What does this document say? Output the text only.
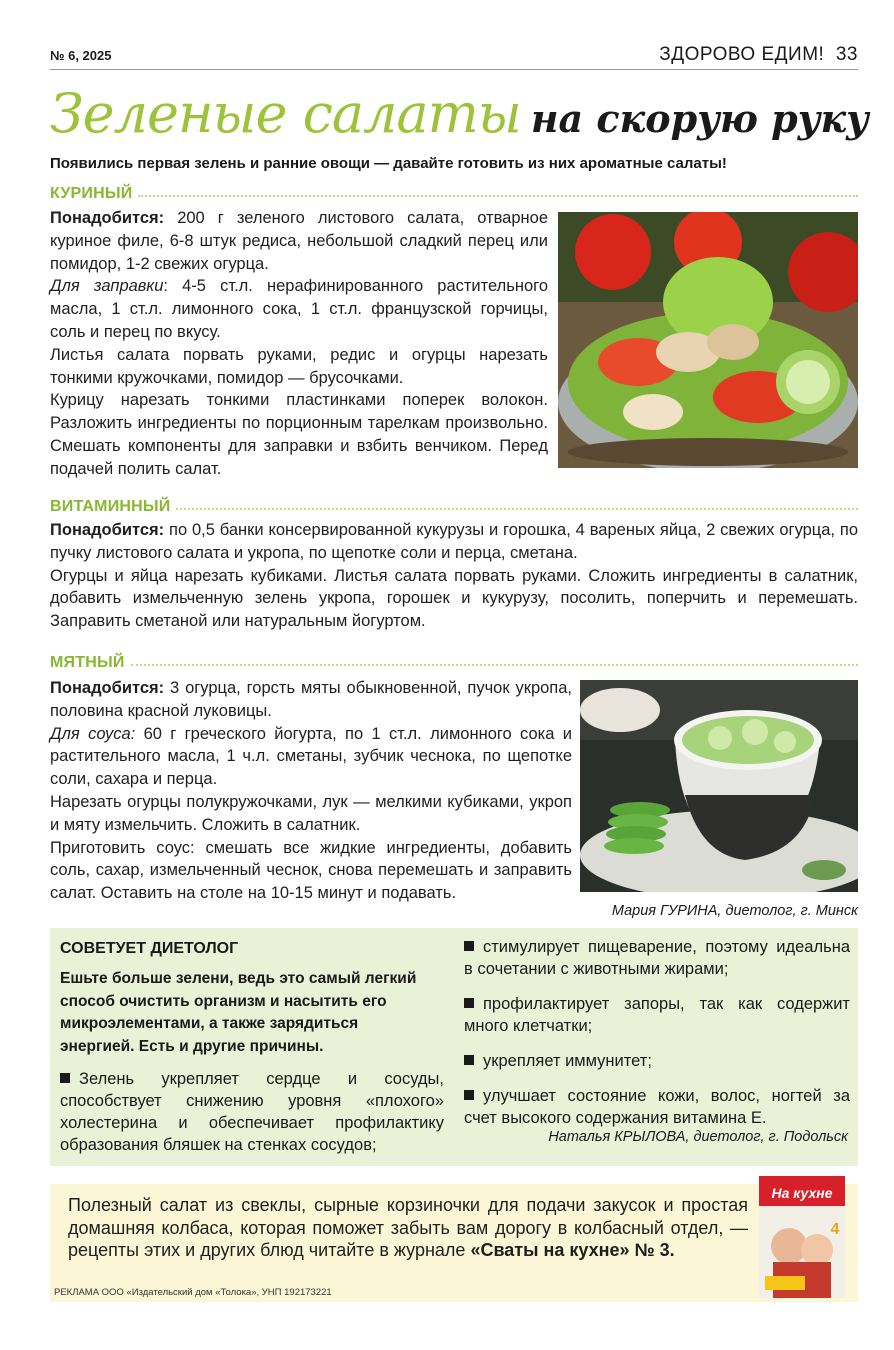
№ 6, 2025	ЗДОРОВО ЕДИМ! 33
Зеленые салаты на скорую руку
Появились первая зелень и ранние овощи — давайте готовить из них ароматные салаты!
КУРИНЫЙ

Понадобится: 200 г зеленого листового салата, отварное куриное филе, 6-8 штук редиса, небольшой сладкий перец или помидор, 1-2 свежих огурца.

Для заправки: 4-5 ст.л. нерафинированного растительного масла, 1 ст.л. лимонного сока, 1 ст.л. французской горчицы, соль и перец по вкусу.

Листья салата порвать руками, редис и огурцы нарезать тонкими кружочками, помидор — брусочками.

Курицу нарезать тонкими пластинками поперек волокон. Разложить ингредиенты по порционным тарелкам произвольно. Смешать компоненты для заправки и взбить венчиком. Перед подачей полить салат.

ВИТАМИННЫЙ

Понадобится: по 0,5 банки консервированной кукурузы и горошка, 4 вареных яйца, 2 свежих огурца, по пучку листового салата и укропа, по щепотке соли и перца, сметана.

Огурцы и яйца нарезать кубиками. Листья салата порвать руками. Сложить ингредиенты в салатник, добавить измельченную зелень укропа, горошек и кукурузу, посолить, поперчить и перемешать. Заправить сметаной или натуральным йогуртом.

МЯТНЫЙ

Понадобится: 3 огурца, горсть мяты обыкновенной, пучок укропа, половина красной луковицы.

Для соуса: 60 г греческого йогурта, по 1 ст.л. лимонного сока и растительного масла, 1 ч.л. сметаны, зубчик чеснока, по щепотке соли, сахара и перца.

Нарезать огурцы полукружочками, лук — мелкими кубиками, укроп и мяту измельчить. Сложить в салатник.

Приготовить соус: смешать все жидкие ингредиенты, добавить соль, сахар, измельченный чеснок, снова перемешать и заправить салат. Оставить на столе на 10-15 минут и подавать.

Мария ГУРИНА, диетолог, г. Минск
СОВЕТУЕТ ДИЕТОЛОГ
Ешьте больше зелени, ведь это самый легкий способ очистить организм и насытить его микроэлементами, а также зарядиться энергией. Есть и другие причины.
Зелень укрепляет сердце и сосуды, способствует снижению уровня «плохого» холестерина и обеспечивает профилактику образования бляшек на стенках сосудов;
стимулирует пищеварение, поэтому идеальна в сочетании с животными жирами;
профилактирует запоры, так как содержит много клетчатки;
укрепляет иммунитет;
улучшает состояние кожи, волос, ногтей за счет высокого содержания витамина Е.
Наталья КРЫЛОВА, диетолог, г. Подольск
Полезный салат из свеклы, сырные корзиночки для подачи закусок и простая домашняя колбаса, которая поможет забыть вам дорогу в колбасный отдел, — рецепты этих и других блюд читайте в журнале «Сваты на кухне» № 3.
РЕКЛАМА ООО «Издательский дом «Толока», УНП 192173221
На кухне
4
